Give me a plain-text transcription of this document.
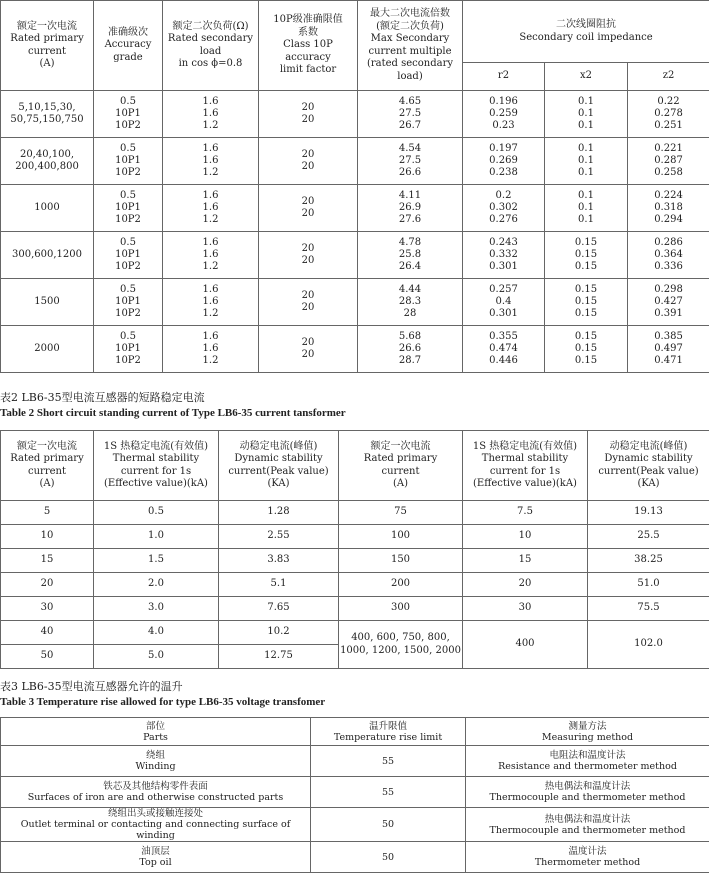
额定一次电流
Rated primary
current
(A)	准确级次
Accuracy
grade	额定二次负荷(Ω)
Rated secondary
load
in cos ϕ=0.8	10P级准确限值
系数
Class 10P
accuracy
limit factor	最大二次电流倍数
(额定二次负荷)
Max Secondary
current multiple
(rated secondary load)	二次线圈阻抗
Secondary coil impedance		
					r2	x2	z2
5,10,15,30,
50,75,150,750	0.5
10P1
10P2	1.6
1.6
1.2	20
20	4.65
27.5
26.7	0.196
0.259
0.23	0.1
0.1
0.1	0.22
0.278
0.251
20,40,100,
200,400,800	0.5
10P1
10P2	1.6
1.6
1.2	20
20	4.54
27.5
26.6	0.197
0.269
0.238	0.1
0.1
0.1	0.221
0.287
0.258
1000	0.5
10P1
10P2	1.6
1.6
1.2	20
20	4.11
26.9
27.6	0.2
0.302
0.276	0.1
0.1
0.1	0.224
0.318
0.294
300,600,1200	0.5
10P1
10P2	1.6
1.6
1.2	20
20	4.78
25.8
26.4	0.243
0.332
0.301	0.15
0.15
0.15	0.286
0.364
0.336
1500	0.5
10P1
10P2	1.6
1.6
1.2	20
20	4.44
28.3
28	0.257
0.4
0.301	0.15
0.15
0.15	0.298
0.427
0.391
2000	0.5
10P1
10P2	1.6
1.6
1.2	20
20	5.68
26.6
28.7	0.355
0.474
0.446	0.15
0.15
0.15	0.385
0.497
0.471
表2 LB6-35型电流互感器的短路稳定电流
Table 2 Short circuit standing current of Type LB6-35 current tansformer
额定一次电流
Rated primary
current
(A)	1S 热稳定电流(有效值)
Thermal stability
current for 1s
(Effective value)(kA)	动稳定电流(峰值)
Dynamic stability
current(Peak value)
(KA)	额定一次电流
Rated primary
current
(A)	1S 热稳定电流(有效值)
Thermal stability
current for 1s
(Effective value)(kA)	动稳定电流(峰值)
Dynamic stability
current(Peak value)
(KA)
5	0.5	1.28	75	7.5	19.13
10	1.0	2.55	100	10	25.5
15	1.5	3.83	150	15	38.25
20	2.0	5.1	200	20	51.0
30	3.0	7.65	300	30	75.5
40	4.0	10.2	400, 600, 750, 800,
1000, 1200, 1500, 2000	400	102.0
50	5.0	12.75			
表3 LB6-35型电流互感器允许的温升
Table 3 Temperature rise allowed for type LB6-35 voltage transfomer
部位
Parts	温升限值
Temperature rise limit	测量方法
Measuring method
绕组
Winding	55	电阻法和温度计法
Resistance and thermometer method
铁芯及其他结构零件表面
Surfaces of iron are and otherwise constructed parts	55	热电偶法和温度计法
Thermocouple and thermometer method
绕组出头或接触连接处
Outlet terminal or contacting and connecting surface of winding	50	热电偶法和温度计法
Thermocouple and thermometer method
油顶层
Top oil	50	温度计法
Thermometer method
